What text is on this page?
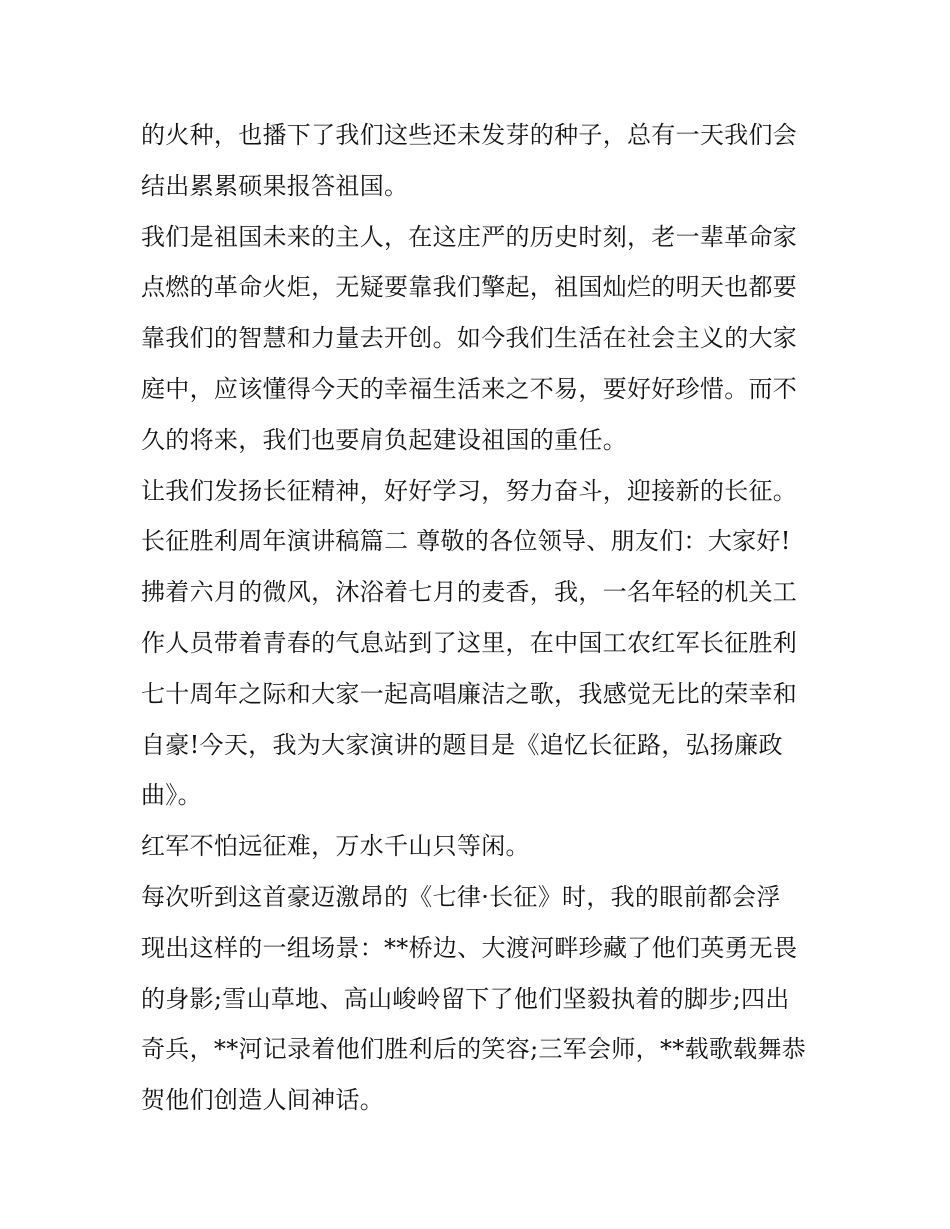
的火种，也播下了我们这些还未发芽的种子，总有一天我们会
结出累累硕果报答祖国。
我们是祖国未来的主人，在这庄严的历史时刻，老一辈革命家
点燃的革命火炬，无疑要靠我们擎起，祖国灿烂的明天也都要
靠我们的智慧和力量去开创。如今我们生活在社会主义的大家
庭中，应该懂得今天的幸福生活来之不易，要好好珍惜。而不
久的将来，我们也要肩负起建设祖国的重任。
让我们发扬长征精神，好好学习，努力奋斗，迎接新的长征。
长征胜利周年演讲稿篇二 尊敬的各位领导、朋友们：大家好!
拂着六月的微风，沐浴着七月的麦香，我，一名年轻的机关工
作人员带着青春的气息站到了这里，在中国工农红军长征胜利
七十周年之际和大家一起高唱廉洁之歌，我感觉无比的荣幸和
自豪!今天，我为大家演讲的题目是《追忆长征路，弘扬廉政
曲》。
红军不怕远征难，万水千山只等闲。
每次听到这首豪迈激昂的《七律·长征》时，我的眼前都会浮
现出这样的一组场景：**桥边、大渡河畔珍藏了他们英勇无畏
的身影;雪山草地、高山峻岭留下了他们坚毅执着的脚步;四出
奇兵，**河记录着他们胜利后的笑容;三军会师，**载歌载舞恭
贺他们创造人间神话。
